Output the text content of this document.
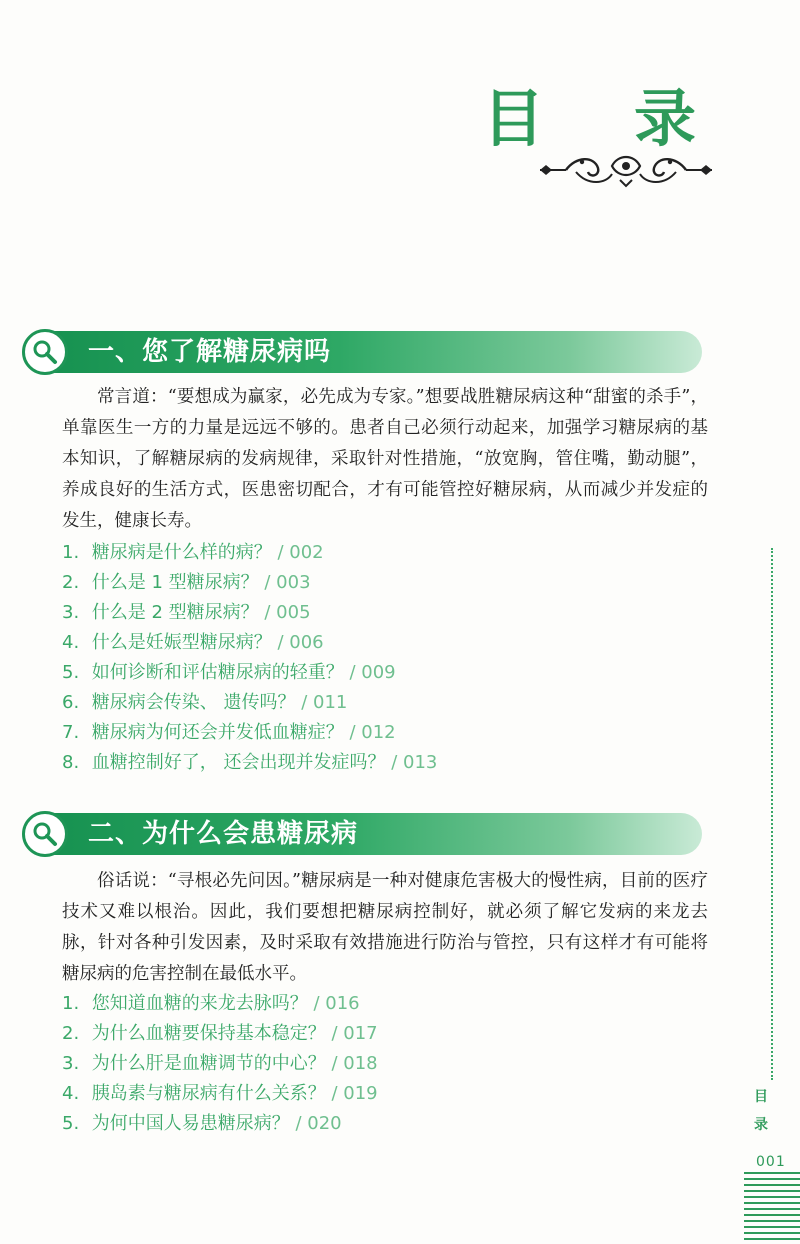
目 录
一、您了解糖尿病吗
常言道：“要想成为赢家，必先成为专家。”想要战胜糖尿病这种“甜蜜的杀手”，单靠医生一方的力量是远远不够的。患者自己必须行动起来，加强学习糖尿病的基本知识，了解糖尿病的发病规律，采取针对性措施，“放宽胸，管住嘴，勤动腿”，养成良好的生活方式，医患密切配合，才有可能管控好糖尿病，从而减少并发症的发生，健康长寿。
1. 糖尿病是什么样的病？ / 002
2. 什么是 1 型糖尿病？ / 003
3. 什么是 2 型糖尿病？ / 005
4. 什么是妊娠型糖尿病？ / 006
5. 如何诊断和评估糖尿病的轻重？ / 009
6. 糖尿病会传染、 遗传吗？ / 011
7. 糖尿病为何还会并发低血糖症？ / 012
8. 血糖控制好了， 还会出现并发症吗？ / 013
二、为什么会患糖尿病
俗话说：“寻根必先问因。”糖尿病是一种对健康危害极大的慢性病，目前的医疗技术又难以根治。因此，我们要想把糖尿病控制好，就必须了解它发病的来龙去脉，针对各种引发因素，及时采取有效措施进行防治与管控，只有这样才有可能将糖尿病的危害控制在最低水平。
1. 您知道血糖的来龙去脉吗？ / 016
2. 为什么血糖要保持基本稳定？ / 017
3. 为什么肝是血糖调节的中心？ / 018
4. 胰岛素与糖尿病有什么关系？ / 019
5. 为何中国人易患糖尿病？ / 020
目
录
001
